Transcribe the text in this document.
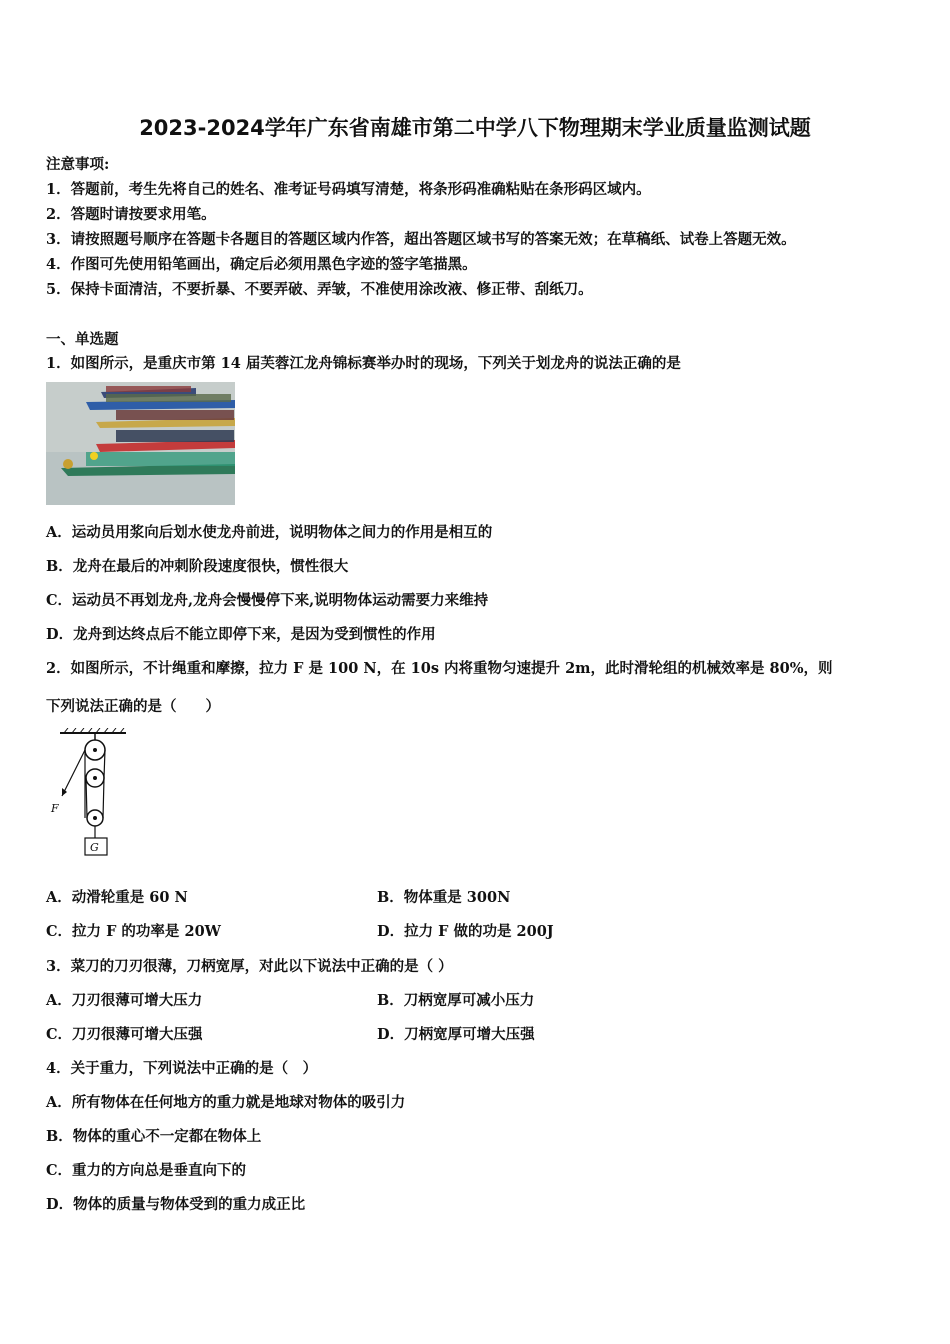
2023-2024学年广东省南雄市第二中学八下物理期末学业质量监测试题
注意事项:
1．答题前，考生先将自己的姓名、准考证号码填写清楚，将条形码准确粘贴在条形码区域内。
2．答题时请按要求用笔。
3．请按照题号顺序在答题卡各题目的答题区域内作答，超出答题区域书写的答案无效；在草稿纸、试卷上答题无效。
4．作图可先使用铅笔画出，确定后必须用黑色字迹的签字笔描黑。
5．保持卡面清洁，不要折暴、不要弄破、弄皱，不准使用涂改液、修正带、刮纸刀。
一、单选题
1．如图所示，是重庆市第 14 届芙蓉江龙舟锦标赛举办时的现场，下列关于划龙舟的说法正确的是
A．运动员用浆向后划水使龙舟前进，说明物体之间力的作用是相互的
B．龙舟在最后的冲刺阶段速度很快，惯性很大
C．运动员不再划龙舟,龙舟会慢慢停下来,说明物体运动需要力来维持
D．龙舟到达终点后不能立即停下来，是因为受到惯性的作用
2．如图所示，不计绳重和摩擦，拉力 F 是 100 N，在 10s 内将重物匀速提升 2m，此时滑轮组的机械效率是 80%，则
下列说法正确的是（　　）
F
G
A．动滑轮重是 60 N	B．物体重是 300N
C．拉力 F 的功率是 20W	D．拉力 F 做的功是 200J
3．菜刀的刀刃很薄，刀柄宽厚，对此以下说法中正确的是（ ）
A．刀刃很薄可增大压力	B．刀柄宽厚可减小压力
C．刀刃很薄可增大压强	D．刀柄宽厚可增大压强
4．关于重力，下列说法中正确的是（　）
A．所有物体在任何地方的重力就是地球对物体的吸引力
B．物体的重心不一定都在物体上
C．重力的方向总是垂直向下的
D．物体的质量与物体受到的重力成正比
